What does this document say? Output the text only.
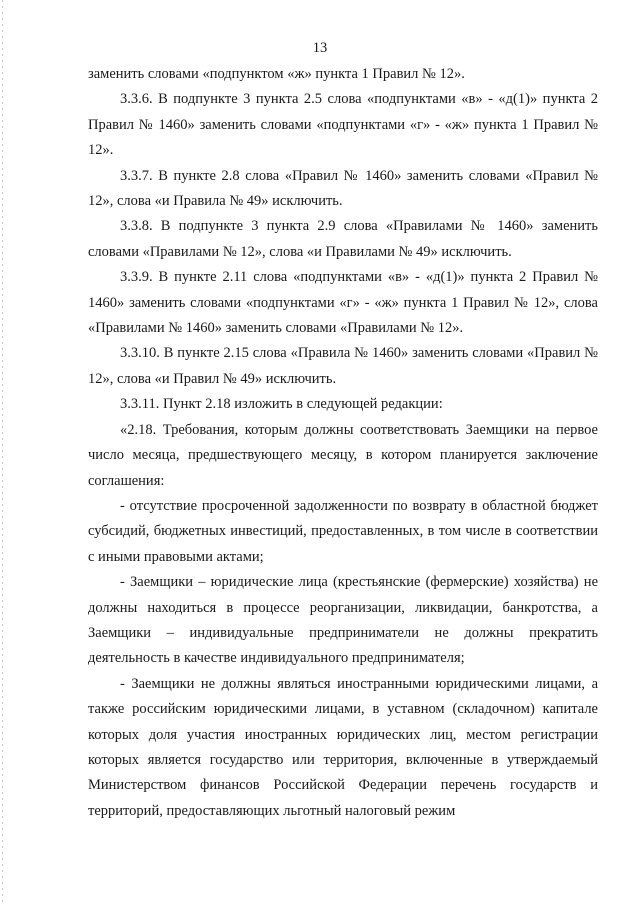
13

заменить словами «подпунктом «ж» пункта 1 Правил № 12».

3.3.6. В подпункте 3 пункта 2.5 слова «подпунктами «в» - «д(1)» пункта 2 Правил № 1460» заменить словами «подпунктами «г» - «ж» пункта 1 Правил № 12».

3.3.7. В пункте 2.8 слова «Правил № 1460» заменить словами «Правил № 12», слова «и Правила № 49» исключить.

3.3.8. В подпункте 3 пункта 2.9 слова «Правилами № 1460» заменить словами «Правилами № 12», слова «и Правилами № 49» исключить.

3.3.9. В пункте 2.11 слова «подпунктами «в» - «д(1)» пункта 2 Правил № 1460» заменить словами «подпунктами «г» - «ж» пункта 1 Правил № 12», слова «Правилами № 1460» заменить словами «Правилами № 12».

3.3.10. В пункте 2.15 слова «Правила № 1460» заменить словами «Правил № 12», слова «и Правил № 49» исключить.

3.3.11. Пункт 2.18 изложить в следующей редакции:

«2.18. Требования, которым должны соответствовать Заемщики на первое число месяца, предшествующего месяцу, в котором планируется заключение соглашения:

- отсутствие просроченной задолженности по возврату в областной бюджет субсидий, бюджетных инвестиций, предоставленных, в том числе в соответствии с иными правовыми актами;

- Заемщики – юридические лица (крестьянские (фермерские) хозяйства) не должны находиться в процессе реорганизации, ликвидации, банкротства, а Заемщики – индивидуальные предприниматели не должны прекратить деятельность в качестве индивидуального предпринимателя;

- Заемщики не должны являться иностранными юридическими лицами, а также российским юридическими лицами, в уставном (складочном) капитале которых доля участия иностранных юридических лиц, местом регистрации которых является государство или территория, включенные в утверждаемый Министерством финансов Российской Федерации перечень государств и территорий, предоставляющих льготный налоговый режим
